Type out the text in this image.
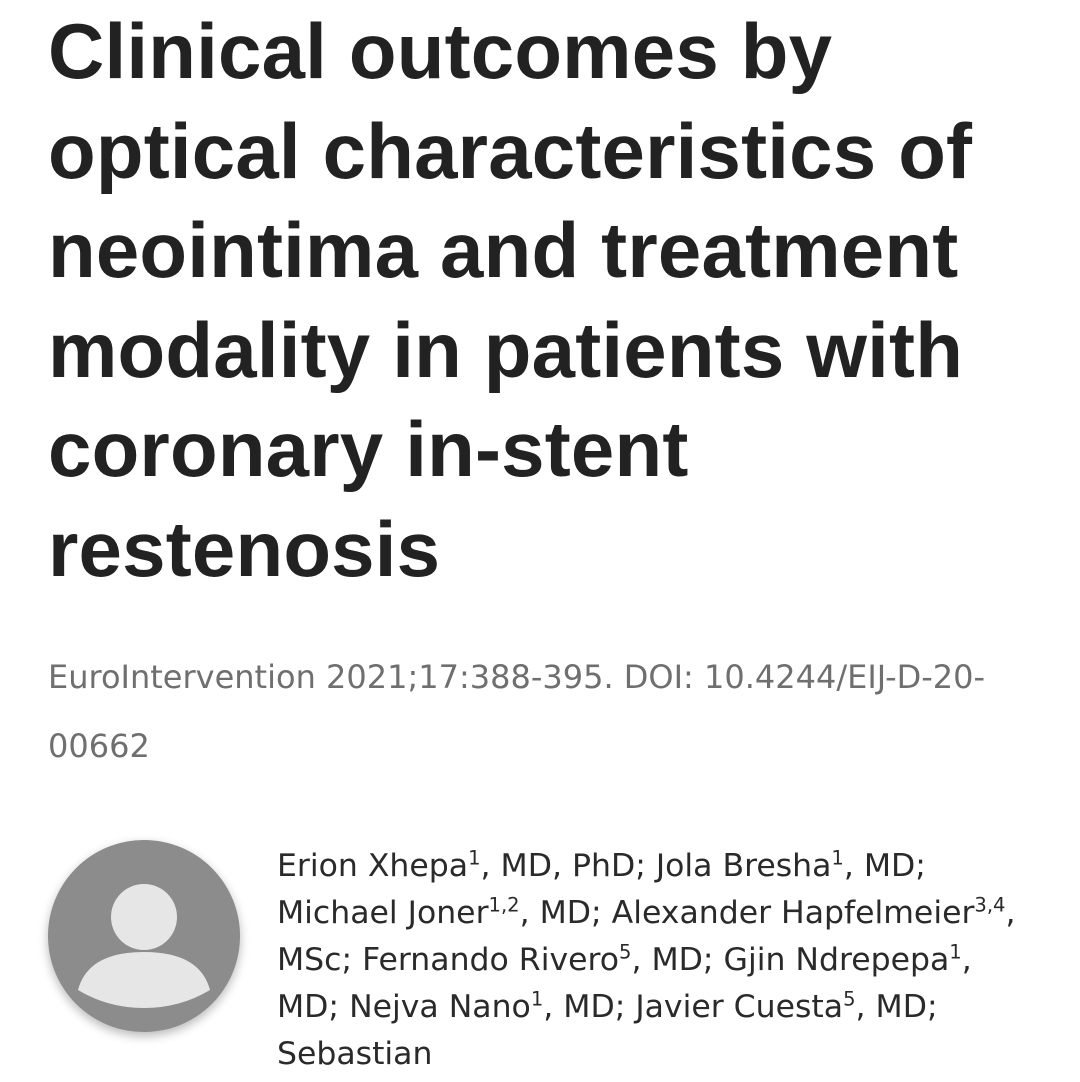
Clinical outcomes by optical characteristics of neointima and treatment modality in patients with coronary in-stent restenosis

EuroIntervention 2021;17:388-395. DOI: 10.4244/EIJ-D-20-00662

Erion Xhepa$^1$, MD, PhD; Jola Bresha$^1$, MD; Michael Joner$^{1,2}$, MD; Alexander Hapfelmeier$^{3,4}$, MSc; Fernando Rivero$^5$, MD; Gjin Ndrepepa$^1$, MD; Nejva Nano$^1$, MD; Javier Cuesta$^5$, MD; Sebastian
